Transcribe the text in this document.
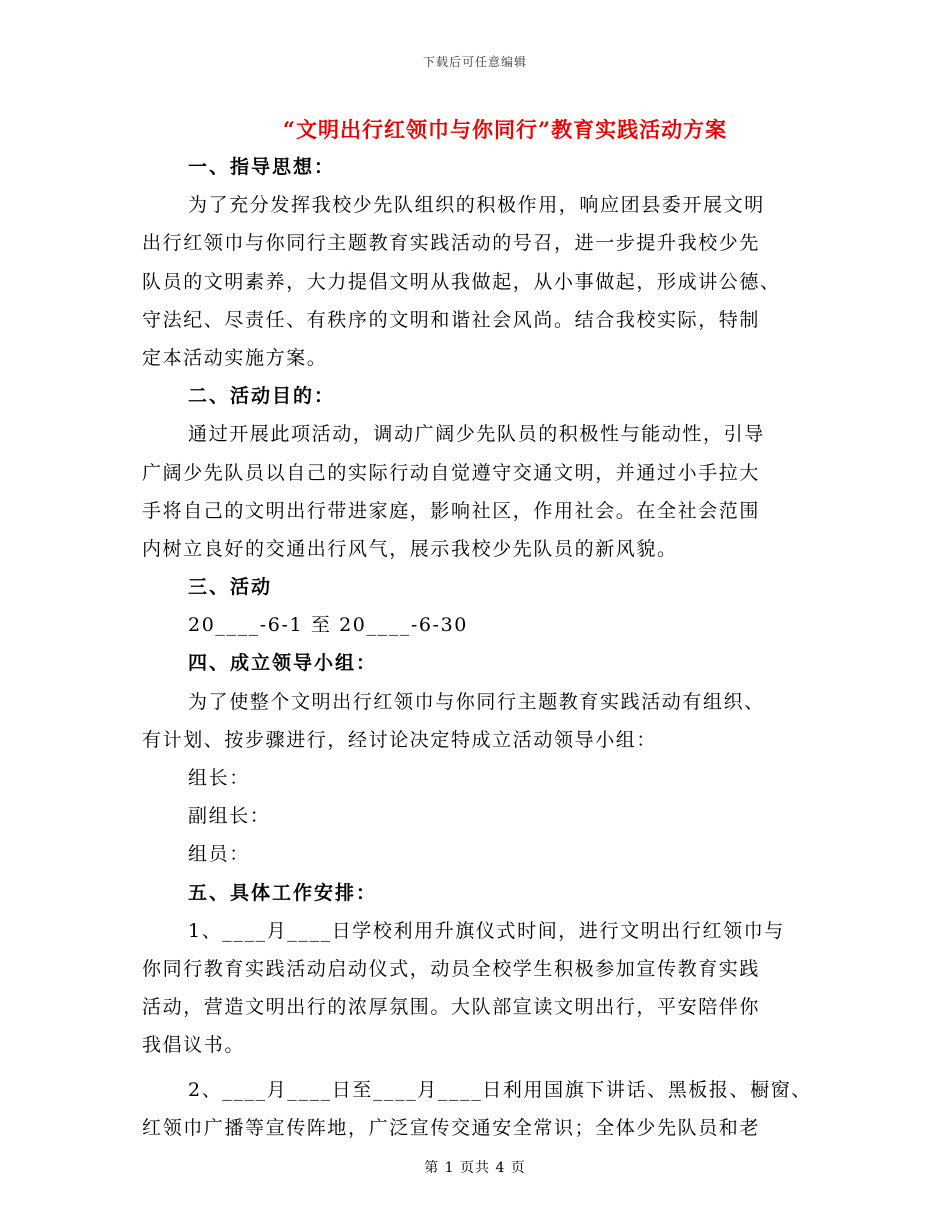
下载后可任意编辑
“文明出行红领巾与你同行”教育实践活动方案
一、指导思想：
为了充分发挥我校少先队组织的积极作用，响应团县委开展文明
出行红领巾与你同行主题教育实践活动的号召，进一步提升我校少先
队员的文明素养，大力提倡文明从我做起，从小事做起，形成讲公德、
守法纪、尽责任、有秩序的文明和谐社会风尚。结合我校实际，特制
定本活动实施方案。
二、活动目的：
通过开展此项活动，调动广阔少先队员的积极性与能动性，引导
广阔少先队员以自己的实际行动自觉遵守交通文明，并通过小手拉大
手将自己的文明出行带进家庭，影响社区，作用社会。在全社会范围
内树立良好的交通出行风气，展示我校少先队员的新风貌。
三、活动
20____-6-1 至 20____-6-30
四、成立领导小组：
为了使整个文明出行红领巾与你同行主题教育实践活动有组织、
有计划、按步骤进行，经讨论决定特成立活动领导小组：
组长：
副组长：
组员：
五、具体工作安排：
1、____月____日学校利用升旗仪式时间，进行文明出行红领巾与
你同行教育实践活动启动仪式，动员全校学生积极参加宣传教育实践
活动，营造文明出行的浓厚氛围。大队部宣读文明出行，平安陪伴你
我倡议书。
2、____月____日至____月____日利用国旗下讲话、黑板报、橱窗、
红领巾广播等宣传阵地，广泛宣传交通安全常识；全体少先队员和老
第 1 页共 4 页
